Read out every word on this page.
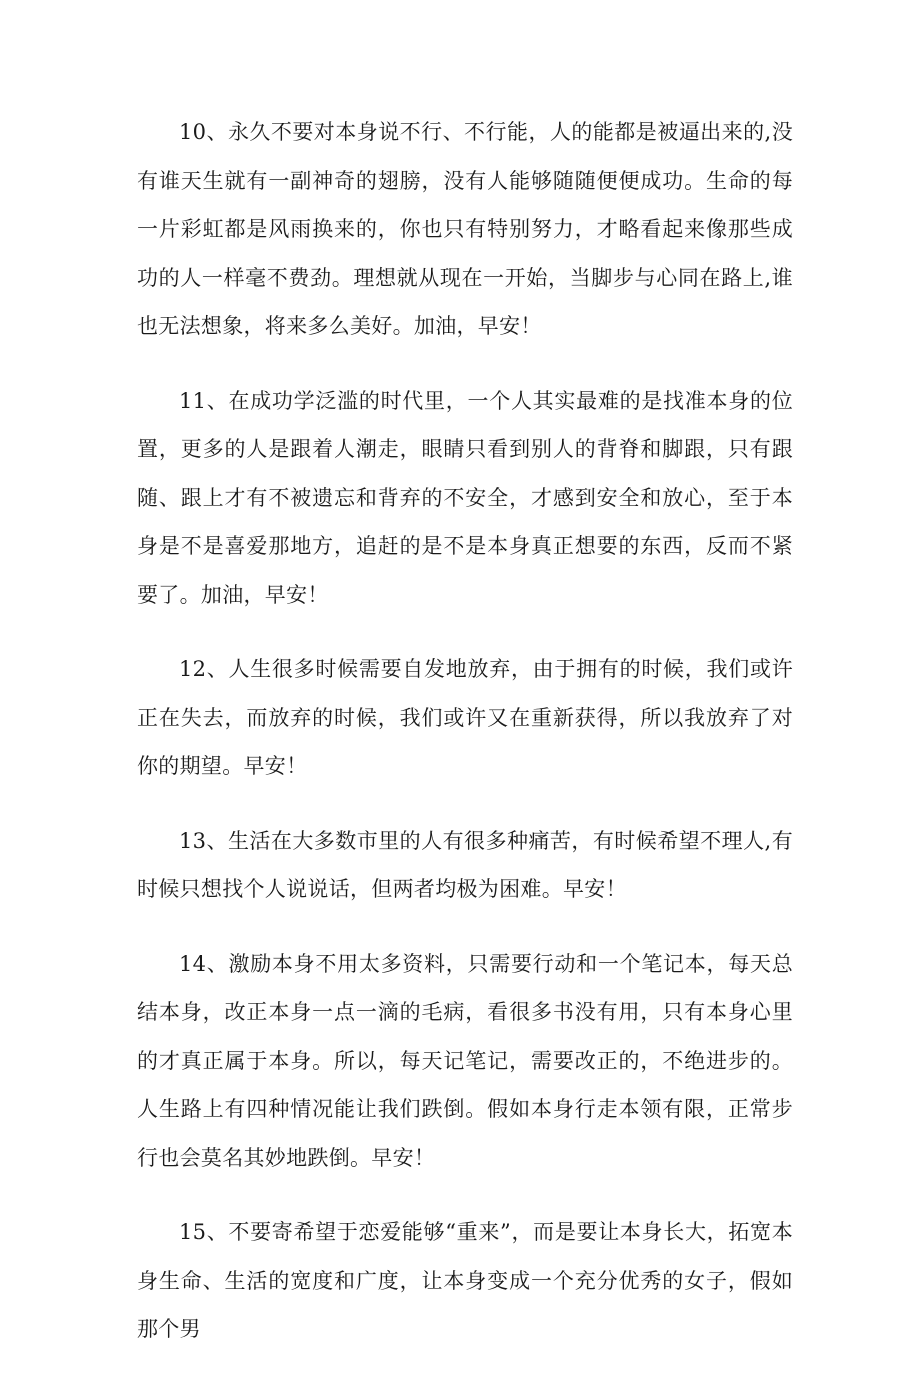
10、永久不要对本身说不行、不行能，人的能都是被逼出来的,没有谁天生就有一副神奇的翅膀，没有人能够随随便便成功。生命的每一片彩虹都是风雨换来的，你也只有特别努力，才略看起来像那些成功的人一样毫不费劲。理想就从现在一开始，当脚步与心同在路上,谁也无法想象，将来多么美好。加油，早安！

11、在成功学泛滥的时代里，一个人其实最难的是找准本身的位置，更多的人是跟着人潮走，眼睛只看到别人的背脊和脚跟，只有跟随、跟上才有不被遗忘和背弃的不安全，才感到安全和放心，至于本身是不是喜爱那地方，追赶的是不是本身真正想要的东西，反而不紧要了。加油，早安！

12、人生很多时候需要自发地放弃，由于拥有的时候，我们或许正在失去，而放弃的时候，我们或许又在重新获得，所以我放弃了对你的期望。早安！

13、生活在大多数市里的人有很多种痛苦，有时候希望不理人,有时候只想找个人说说话，但两者均极为困难。早安！

14、激励本身不用太多资料，只需要行动和一个笔记本，每天总结本身，改正本身一点一滴的毛病，看很多书没有用，只有本身心里的才真正属于本身。所以，每天记笔记，需要改正的，不绝进步的。人生路上有四种情况能让我们跌倒。假如本身行走本领有限，正常步行也会莫名其妙地跌倒。早安！

15、不要寄希望于恋爱能够“重来”，而是要让本身长大，拓宽本身生命、生活的宽度和广度，让本身变成一个充分优秀的女子，假如那个男
